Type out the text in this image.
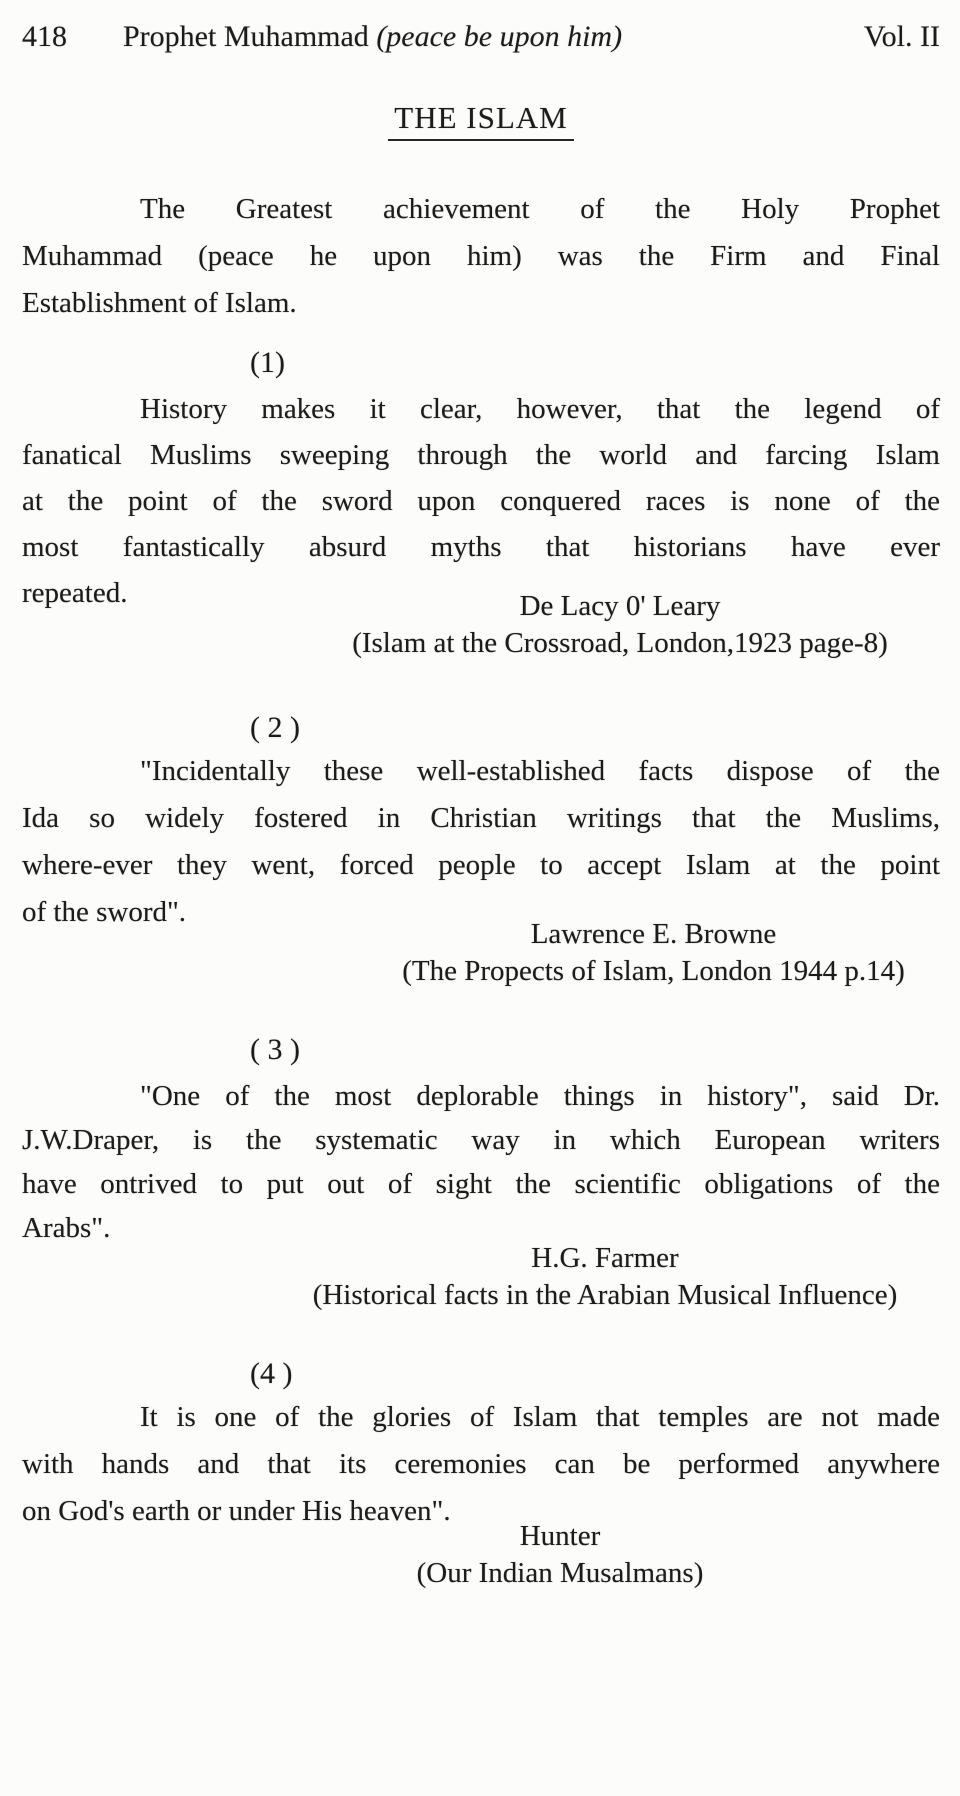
418 Prophet Muhammad (peace be upon him)	Vol. II
THE ISLAM
The Greatest achievement of the Holy Prophet
Muhammad (peace he upon him) was the Firm and Final
Establishment of Islam.
(1)
History makes it clear, however, that the legend of
fanatical Muslims sweeping through the world and farcing Islam
at the point of the sword upon conquered races is none of the
most fantastically absurd myths that historians have ever
repeated.	De Lacy 0' Leary
(Islam at the Crossroad, London,1923 page-8)
( 2 )
"Incidentally these well-established facts dispose of the
Ida so widely fostered in Christian writings that the Muslims,
where-ever they went, forced people to accept Islam at the point
of the sword".
Lawrence E. Browne
(The Propects of Islam, London 1944 p.14)
( 3 )
"One of the most deplorable things in history", said Dr.
J.W.Draper, is the systematic way in which European writers
have ontrived to put out of sight the scientific obligations of the
Arabs".
H.G. Farmer
(Historical facts in the Arabian Musical Influence)
(4 )
It is one of the glories of Islam that temples are not made
with hands and that its ceremonies can be performed anywhere
on God's earth or under His heaven".
Hunter
(Our Indian Musalmans)
